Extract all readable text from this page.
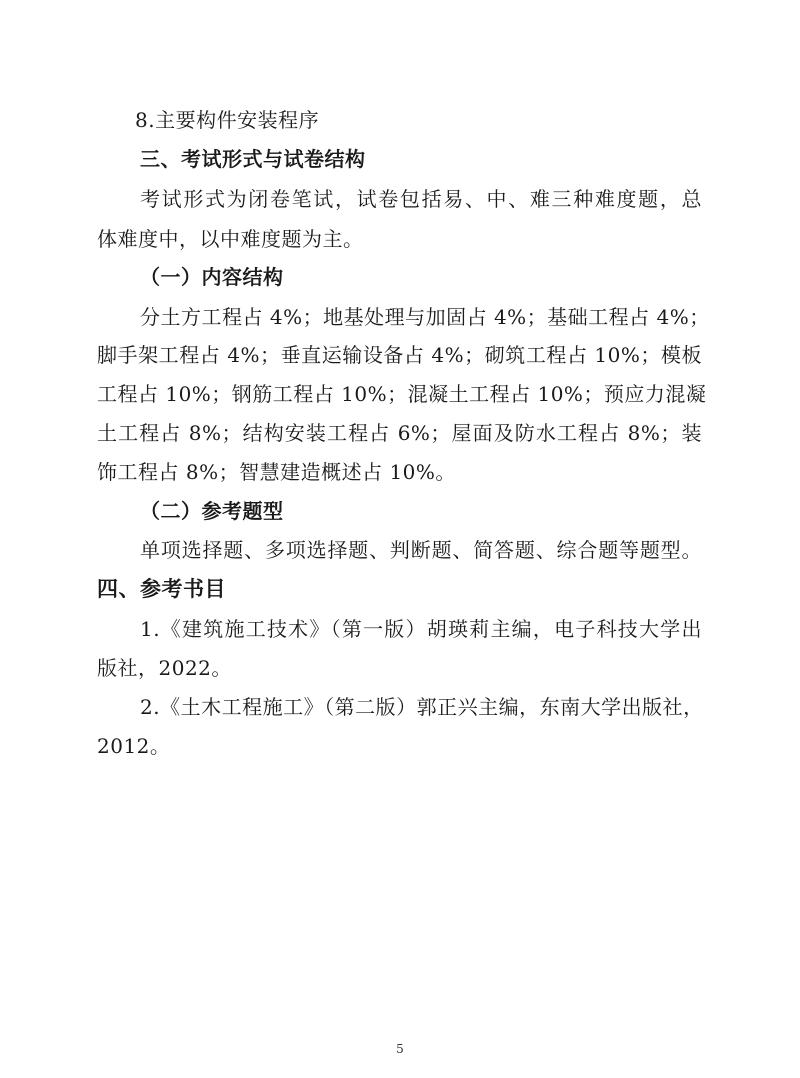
8.主要构件安装程序
三、考试形式与试卷结构
考试形式为闭卷笔试，试卷包括易、中、难三种难度题，总
体难度中，以中难度题为主。
（一）内容结构
分土方工程占 4%；地基处理与加固占 4%；基础工程占 4%；
脚手架工程占 4%；垂直运输设备占 4%；砌筑工程占 10%；模板
工程占 10%；钢筋工程占 10%；混凝土工程占 10%；预应力混凝
土工程占 8%；结构安装工程占 6%；屋面及防水工程占 8%；装
饰工程占 8%；智慧建造概述占 10%。
（二）参考题型
单项选择题、多项选择题、判断题、简答题、综合题等题型。
四、参考书目
1.《建筑施工技术》（第一版）胡瑛莉主编，电子科技大学出
版社，2022。
2.《土木工程施工》（第二版）郭正兴主编，东南大学出版社，
2012。
5
